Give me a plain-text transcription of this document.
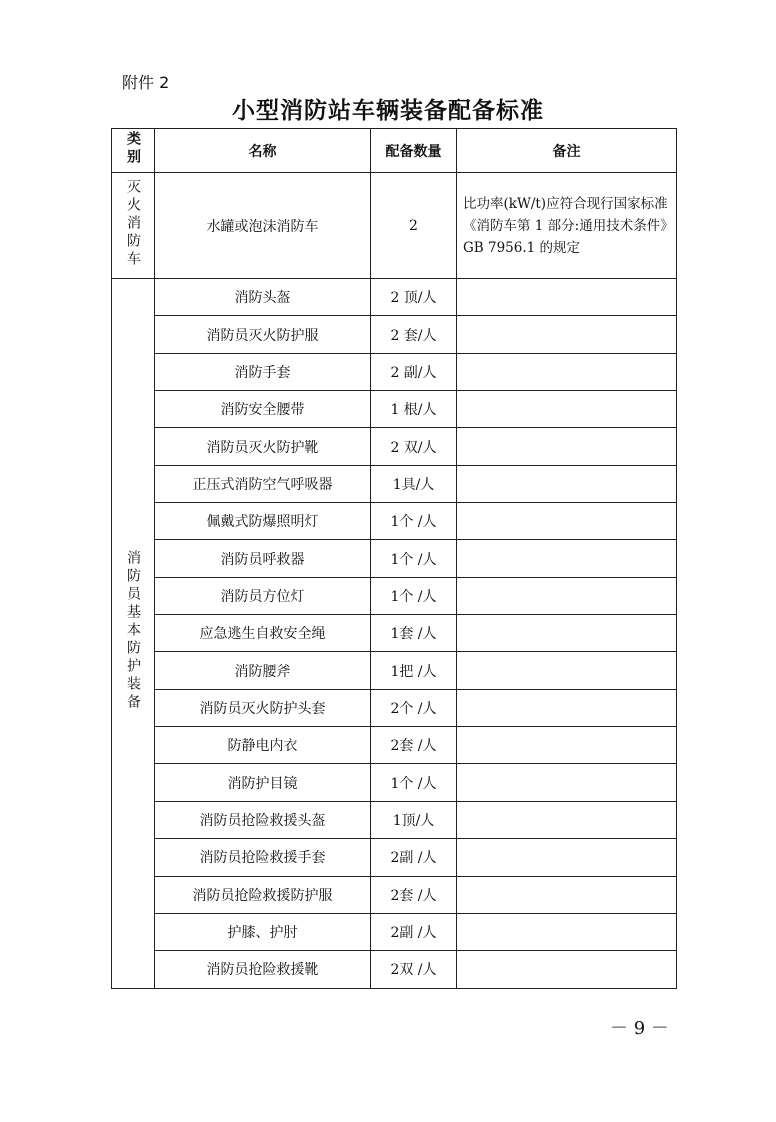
附件 2
小型消防站车辆装备配备标准
类别	名称	配备数量	备注
灭火消防车	水罐或泡沫消防车	2	比功率(kW/t)应符合现行国家标准《消防车第 1 部分:通用技术条件》GB 7956.1 的规定
消防员基本防护装备	消防头盔	2 顶/人	
	消防员灭火防护服	2 套/人	
	消防手套	2 副/人	
	消防安全腰带	1 根/人	
	消防员灭火防护靴	2 双/人	
	正压式消防空气呼吸器	1具/人	
	佩戴式防爆照明灯	1个 /人	
	消防员呼救器	1个 /人	
	消防员方位灯	1个 /人	
	应急逃生自救安全绳	1套 /人	
	消防腰斧	1把 /人	
	消防员灭火防护头套	2个 /人	
	防静电内衣	2套 /人	
	消防护目镜	1个 /人	
	消防员抢险救援头盔	1顶/人	
	消防员抢险救援手套	2副 /人	
	消防员抢险救援防护服	2套 /人	
	护膝、护肘	2副 /人	
	消防员抢险救援靴	2双 /人	
－ 9 －
